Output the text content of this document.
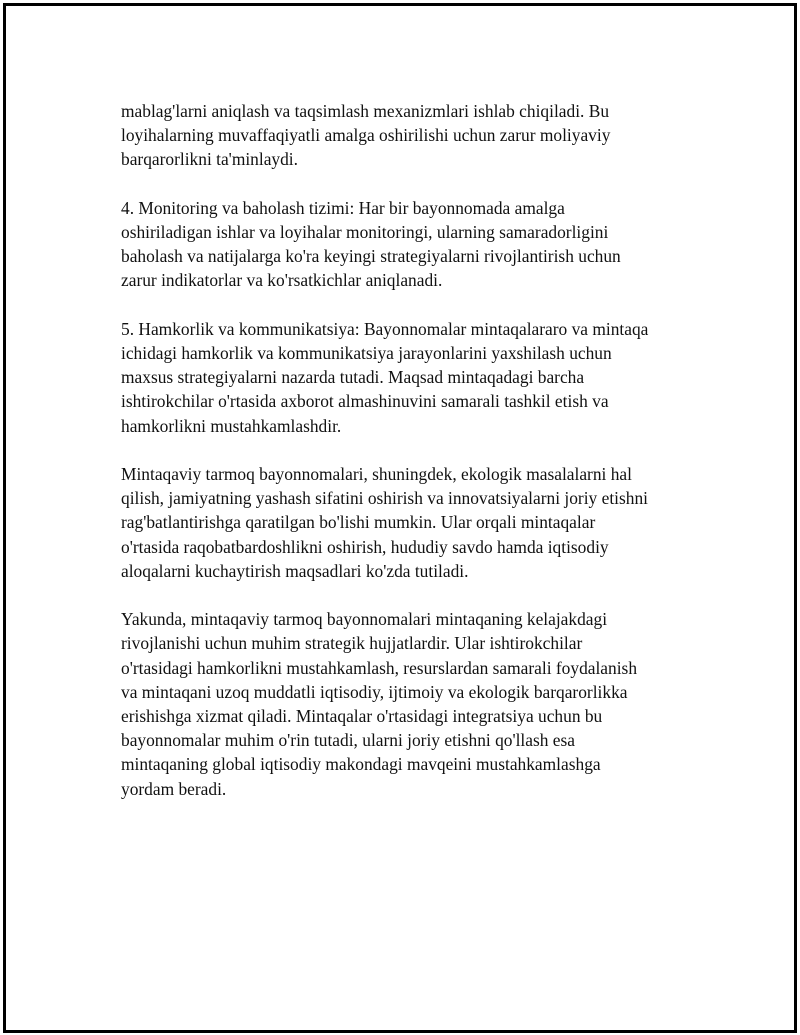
mablag'larni aniqlash va taqsimlash mexanizmlari ishlab chiqiladi. Bu
loyihalarning muvaffaqiyatli amalga oshirilishi uchun zarur moliyaviy
barqarorlikni ta'minlaydi.

4. Monitoring va baholash tizimi: Har bir bayonnomada amalga
oshiriladigan ishlar va loyihalar monitoringi, ularning samaradorligini
baholash va natijalarga ko'ra keyingi strategiyalarni rivojlantirish uchun
zarur indikatorlar va ko'rsatkichlar aniqlanadi.

5. Hamkorlik va kommunikatsiya: Bayonnomalar mintaqalararo va mintaqa
ichidagi hamkorlik va kommunikatsiya jarayonlarini yaxshilash uchun
maxsus strategiyalarni nazarda tutadi. Maqsad mintaqadagi barcha
ishtirokchilar o'rtasida axborot almashinuvini samarali tashkil etish va
hamkorlikni mustahkamlashdir.

Mintaqaviy tarmoq bayonnomalari, shuningdek, ekologik masalalarni hal
qilish, jamiyatning yashash sifatini oshirish va innovatsiyalarni joriy etishni
rag'batlantirishga qaratilgan bo'lishi mumkin. Ular orqali mintaqalar
o'rtasida raqobatbardoshlikni oshirish, hududiy savdo hamda iqtisodiy
aloqalarni kuchaytirish maqsadlari ko'zda tutiladi.

Yakunda, mintaqaviy tarmoq bayonnomalari mintaqaning kelajakdagi
rivojlanishi uchun muhim strategik hujjatlardir. Ular ishtirokchilar
o'rtasidagi hamkorlikni mustahkamlash, resurslardan samarali foydalanish
va mintaqani uzoq muddatli iqtisodiy, ijtimoiy va ekologik barqarorlikka
erishishga xizmat qiladi. Mintaqalar o'rtasidagi integratsiya uchun bu
bayonnomalar muhim o'rin tutadi, ularni joriy etishni qo'llash esa
mintaqaning global iqtisodiy makondagi mavqeini mustahkamlashga
yordam beradi.
